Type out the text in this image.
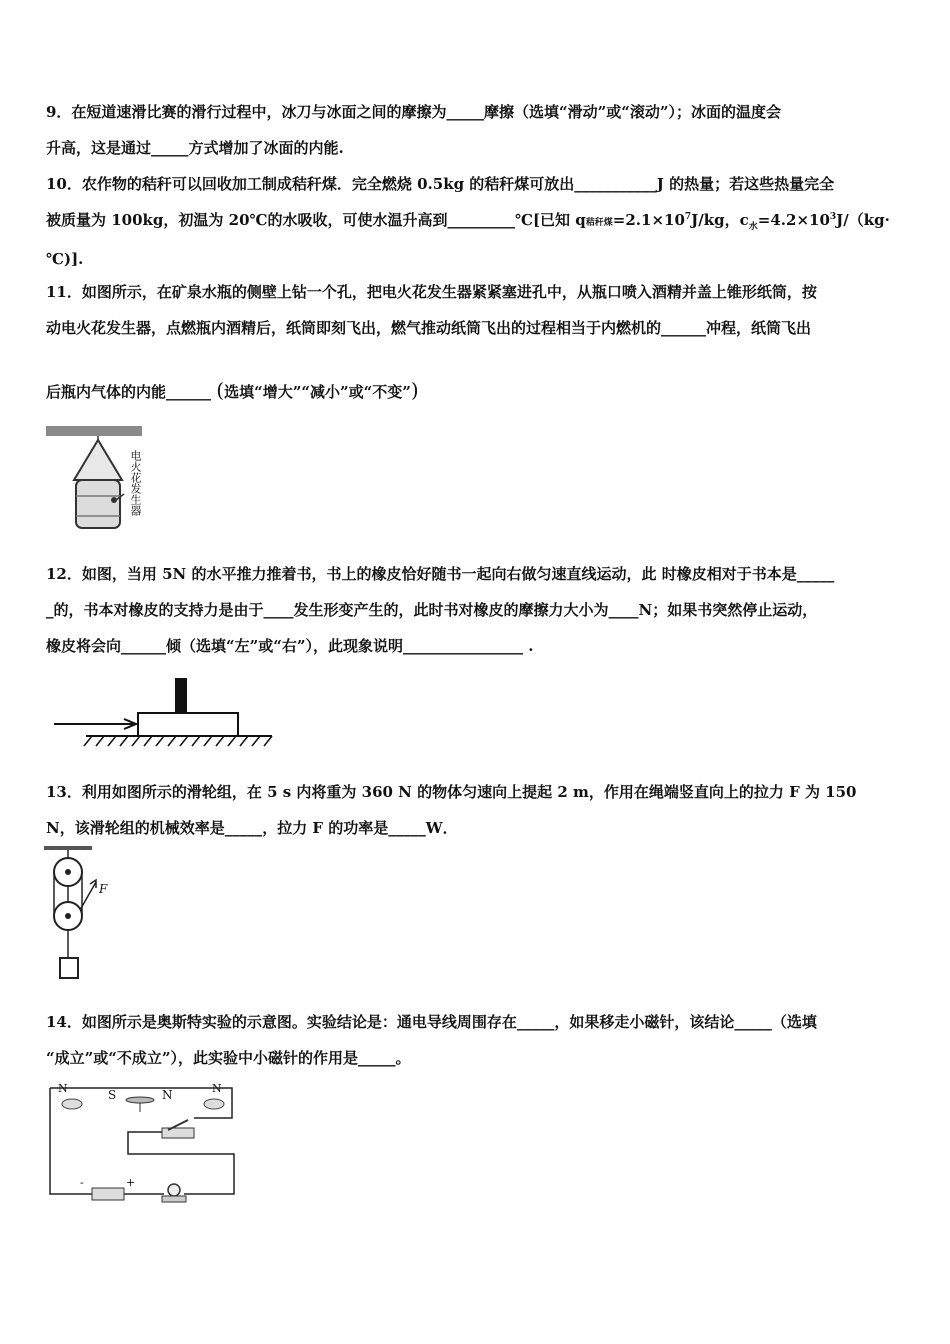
9．在短道速滑比赛的滑行过程中，冰刀与冰面之间的摩擦为_____摩擦（选填“滑动”或“滚动”）；冰面的温度会
升高，这是通过_____方式增加了冰面的内能.
10．农作物的秸秆可以回收加工制成秸秆煤．完全燃烧 0.5kg 的秸秆煤可放出___________J 的热量；若这些热量完全
被质量为 100kg，初温为 20℃的水吸收，可使水温升高到_________℃[已知 q秸秆煤$=2.1\times 10^7J/kg$，$c_水=4.2\times 10^3J/(kg\cdot$
℃)].
11．如图所示，在矿泉水瓶的侧壁上钻一个孔，把电火花发生器紧紧塞进孔中，从瓶口喷入酒精并盖上锥形纸筒，按
动电火花发生器，点燃瓶内酒精后，纸筒即刻飞出，燃气推动纸筒飞出的过程相当于内燃机的______冲程，纸筒飞出
后瓶内气体的内能______ (选填“增大”“减小”或“不变”)
电火花发生器
12．如图，当用 5N 的水平推力推着书，书上的橡皮恰好随书一起向右做匀速直线运动，此 时橡皮相对于书本是_____
_的，书本对橡皮的支持力是由于____发生形变产生的，此时书对橡皮的摩擦力大小为____N；如果书突然停止运动，
橡皮将会向______倾（选填“左”或“右”），此现象说明________________ .
13．利用如图所示的滑轮组，在 5 s 内将重为 360 N 的物体匀速向上提起 2 m，作用在绳端竖直向上的拉力 F 为 150
N，该滑轮组的机械效率是_____，拉力 F 的功率是_____W．
F
14．如图所示是奥斯特实验的示意图。实验结论是：通电导线周围存在_____，如果移走小磁针，该结论_____（选填
“成立”或“不成立”），此实验中小磁针的作用是_____。
S	N
N	N
-	+
